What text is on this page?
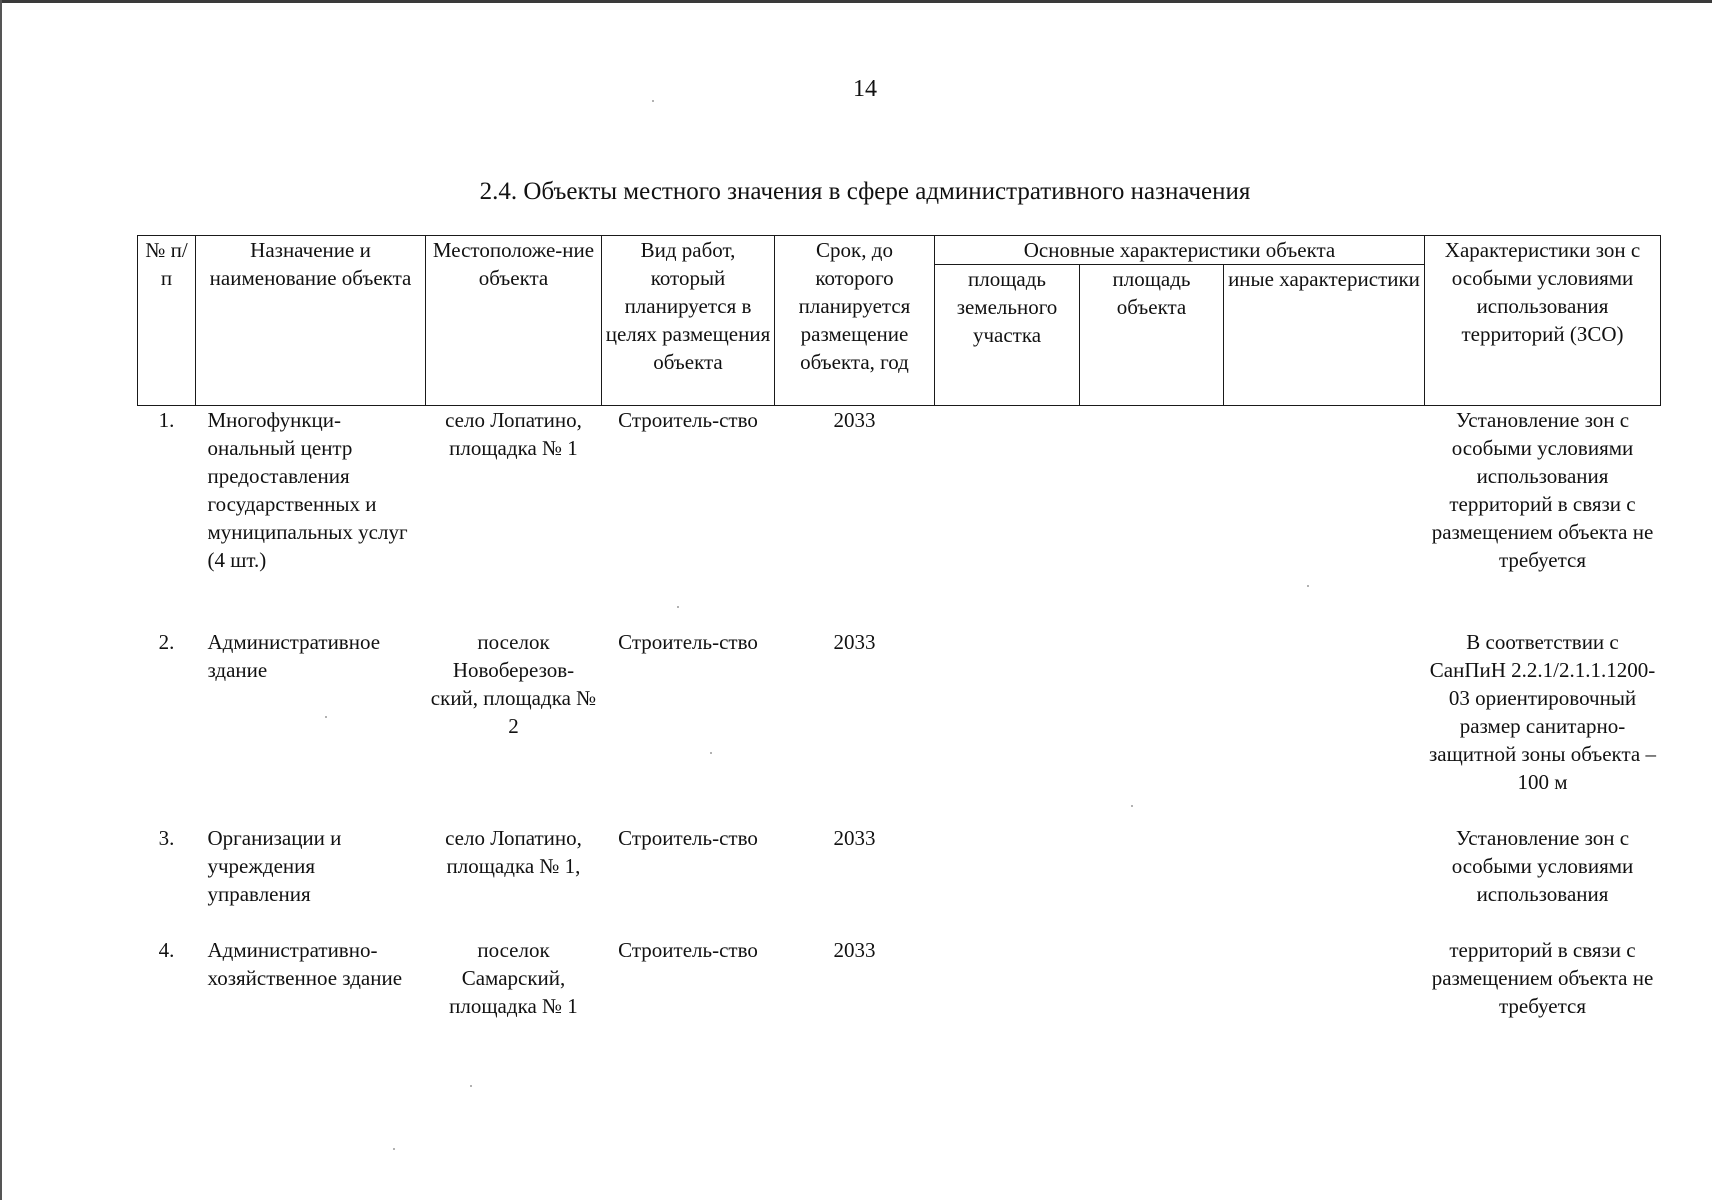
14
2.4. Объекты местного значения в сфере административного назначения
№ п/п	Назначение и наименование объекта	Местоположе-ние объекта	Вид работ, который планируется в целях размещения объекта	Срок, до которого планируется размещение объекта, год	Основные характеристики объекта			Характеристики зон с особыми условиями использования территорий (ЗСО)
					площадь земельного участка	площадь объекта	иные характеристики	
1.	Многофункци-ональный центр предоставления государственных и муниципальных услуг (4 шт.)	село Лопатино, площадка № 1	Строитель-ство	2033				Установление зон с особыми условиями использования территорий в связи с размещением объекта не требуется
2.	Административное здание	поселок Новоберезов-ский, площадка № 2	Строитель-ство	2033				В соответствии с СанПиН 2.2.1/2.1.1.1200-03 ориентировочный размер санитарно-защитной зоны объекта – 100 м
3.	Организации и учреждения управления	село Лопатино, площадка № 1,	Строитель-ство	2033				Установление зон с особыми условиями использования
4.	Административно-хозяйственное здание	поселок Самарский, площадка № 1	Строитель-ство	2033				территорий в связи с размещением объекта не требуется
